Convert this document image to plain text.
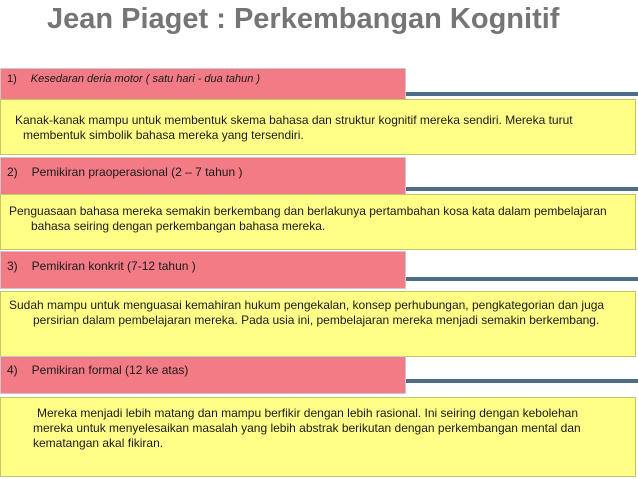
Jean Piaget : Perkembangan Kognitif
1) Kesedaran deria motor ( satu hari - dua tahun )

Kanak-kanak mampu untuk membentuk skema bahasa dan struktur kognitif mereka sendiri. Mereka turut membentuk simbolik bahasa mereka yang tersendiri.

2) Pemikiran praoperasional (2 – 7 tahun )

Penguasaan bahasa mereka semakin berkembang dan berlakunya pertambahan kosa kata dalam pembelajaran bahasa seiring dengan perkembangan bahasa mereka.

3) Pemikiran konkrit (7-12 tahun )

Sudah mampu untuk menguasai kemahiran hukum pengekalan, konsep perhubungan, pengkategorian dan juga persirian dalam pembelajaran mereka. Pada usia ini, pembelajaran mereka menjadi semakin berkembang.

4) Pemikiran formal (12 ke atas)

Mereka menjadi lebih matang dan mampu berfikir dengan lebih rasional. Ini seiring dengan kebolehan mereka untuk menyelesaikan masalah yang lebih abstrak berikutan dengan perkembangan mental dan kematangan akal fikiran.
